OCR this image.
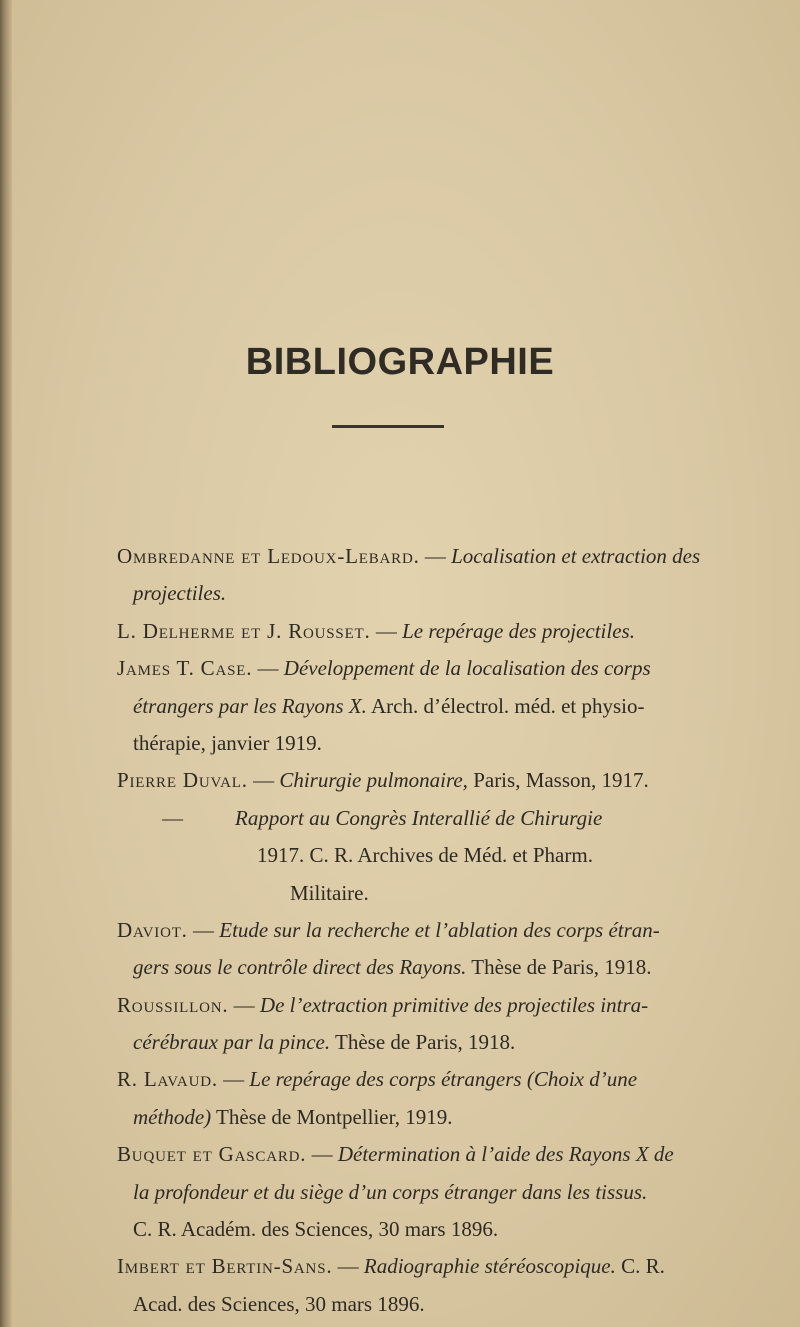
BIBLIOGRAPHIE
Ombredanne et Ledoux-Lebard. — Localisation et extraction des
projectiles.
L. Delherme et J. Rousset. — Le repérage des projectiles.
James T. Case. — Développement de la localisation des corps
étrangers par les Rayons X. Arch. d’électrol. méd. et physio-
thérapie, janvier 1919.
Pierre Duval. — Chirurgie pulmonaire, Paris, Masson, 1917.
— Rapport au Congrès Interallié de Chirurgie
1917. C. R. Archives de Méd. et Pharm.
Militaire.
Daviot. — Etude sur la recherche et l’ablation des corps étran-
gers sous le contrôle direct des Rayons. Thèse de Paris, 1918.
Roussillon. — De l’extraction primitive des projectiles intra-
cérébraux par la pince. Thèse de Paris, 1918.
R. Lavaud. — Le repérage des corps étrangers (Choix d’une
méthode) Thèse de Montpellier, 1919.
Buquet et Gascard. — Détermination à l’aide des Rayons X de
la profondeur et du siège d’un corps étranger dans les tissus.
C. R. Académ. des Sciences, 30 mars 1896.
Imbert et Bertin-Sans. — Radiographie stéréoscopique. C. R.
Acad. des Sciences, 30 mars 1896.
